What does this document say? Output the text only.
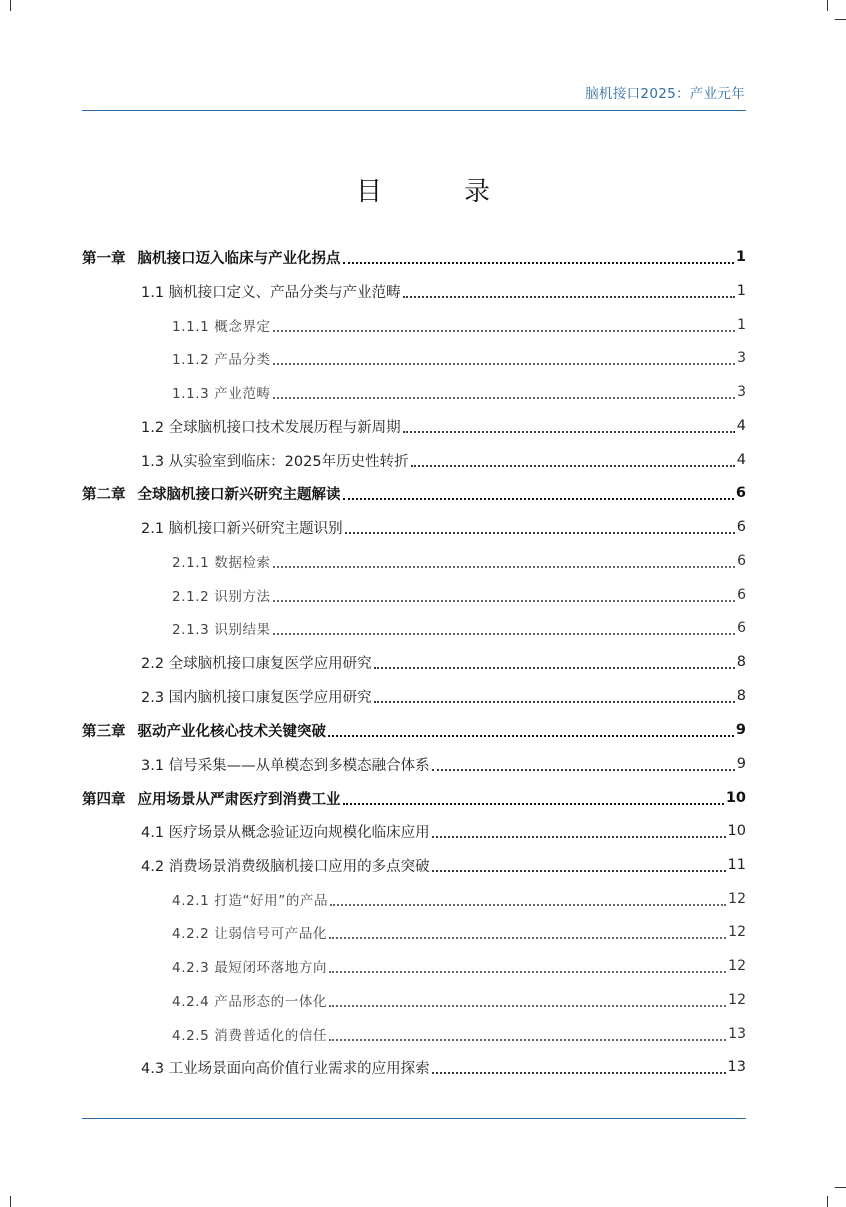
脑机接口2025：产业元年
目　录
第一章 脑机接口迈入临床与产业化拐点	1
1.1 脑机接口定义、产品分类与产业范畴	1
1.1.1 概念界定	1
1.1.2 产品分类	3
1.1.3 产业范畴	3
1.2 全球脑机接口技术发展历程与新周期	4
1.3 从实验室到临床：2025年历史性转折	4
第二章 全球脑机接口新兴研究主题解读	6
2.1 脑机接口新兴研究主题识别	6
2.1.1 数据检索	6
2.1.2 识别方法	6
2.1.3 识别结果	6
2.2 全球脑机接口康复医学应用研究	8
2.3 国内脑机接口康复医学应用研究	8
第三章 驱动产业化核心技术关键突破	9
3.1 信号采集——从单模态到多模态融合体系	9
第四章 应用场景从严肃医疗到消费工业	10
4.1 医疗场景从概念验证迈向规模化临床应用	10
4.2 消费场景消费级脑机接口应用的多点突破	11
4.2.1 打造“好用”的产品	12
4.2.2 让弱信号可产品化	12
4.2.3 最短闭环落地方向	12
4.2.4 产品形态的一体化	12
4.2.5 消费普适化的信任	13
4.3 工业场景面向高价值行业需求的应用探索	13
